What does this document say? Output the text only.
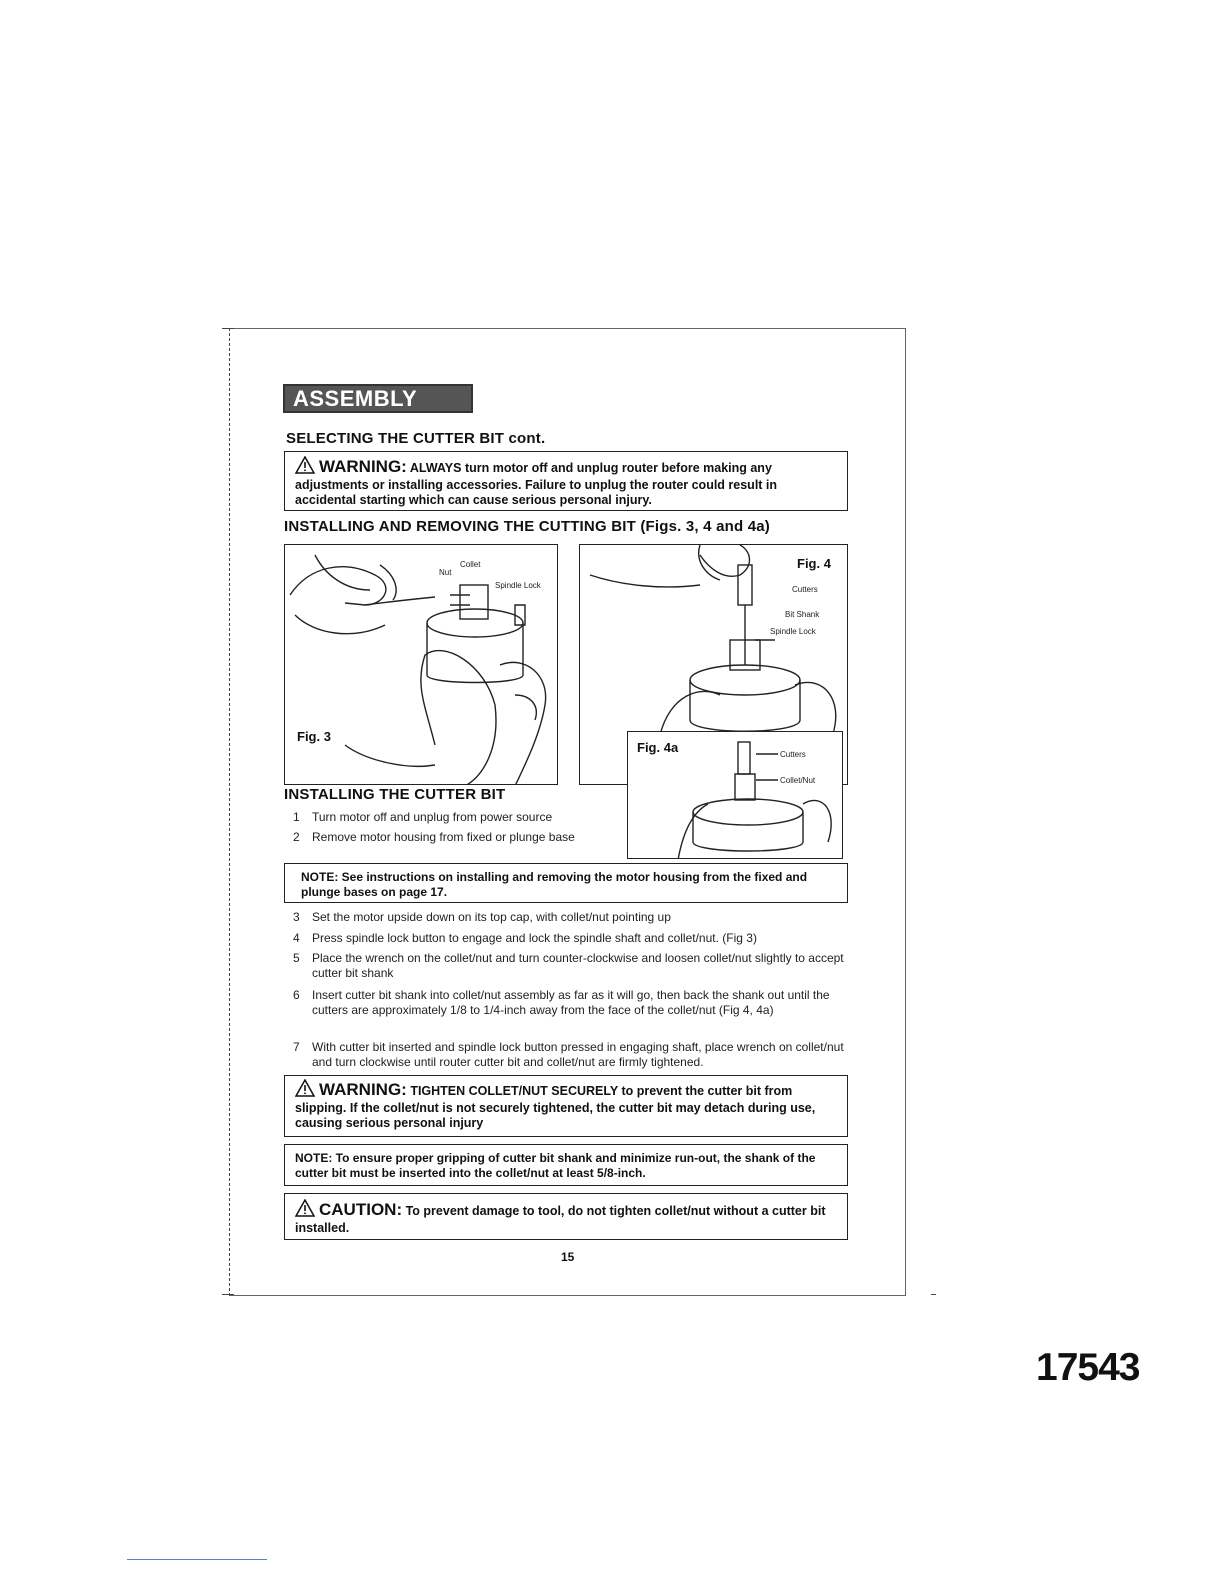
ASSEMBLY cont.
SELECTING THE CUTTER BIT cont.
WARNING: ALWAYS turn motor off and unplug router before making any adjustments or installing accessories. Failure to unplug the router could result in accidental starting which can cause serious personal injury.
INSTALLING AND REMOVING THE CUTTING BIT (Figs. 3, 4 and 4a)
Nut
Collet
Spindle Lock
Fig. 3
Fig. 4
Cutters
Bit Shank
Spindle Lock
Fig. 4a	Cutters
Collet/Nut
INSTALLING THE CUTTER BIT
1 Turn motor off and unplug from power source
2 Remove motor housing from fixed or plunge base
NOTE: See instructions on installing and removing the motor housing from the fixed and plunge bases on page 17.
3 Set the motor upside down on its top cap, with collet/nut pointing up
4 Press spindle lock button to engage and lock the spindle shaft and collet/nut. (Fig 3)
5 Place the wrench on the collet/nut and turn counter-clockwise and loosen collet/nut slightly to accept cutter bit shank
6 Insert cutter bit shank into collet/nut assembly as far as it will go, then back the shank out until the cutters are approximately 1/8 to 1/4-inch away from the face of the collet/nut (Fig 4, 4a)
7 With cutter bit inserted and spindle lock button pressed in engaging shaft, place wrench on collet/nut and turn clockwise until router cutter bit and collet/nut are firmly tightened.
WARNING: TIGHTEN COLLET/NUT SECURELY to prevent the cutter bit from slipping. If the collet/nut is not securely tightened, the cutter bit may detach during use, causing serious personal injury
NOTE: To ensure proper gripping of cutter bit shank and minimize run-out, the shank of the cutter bit must be inserted into the collet/nut at least 5/8-inch.
CAUTION: To prevent damage to tool, do not tighten collet/nut without a cutter bit installed.
15
17543
